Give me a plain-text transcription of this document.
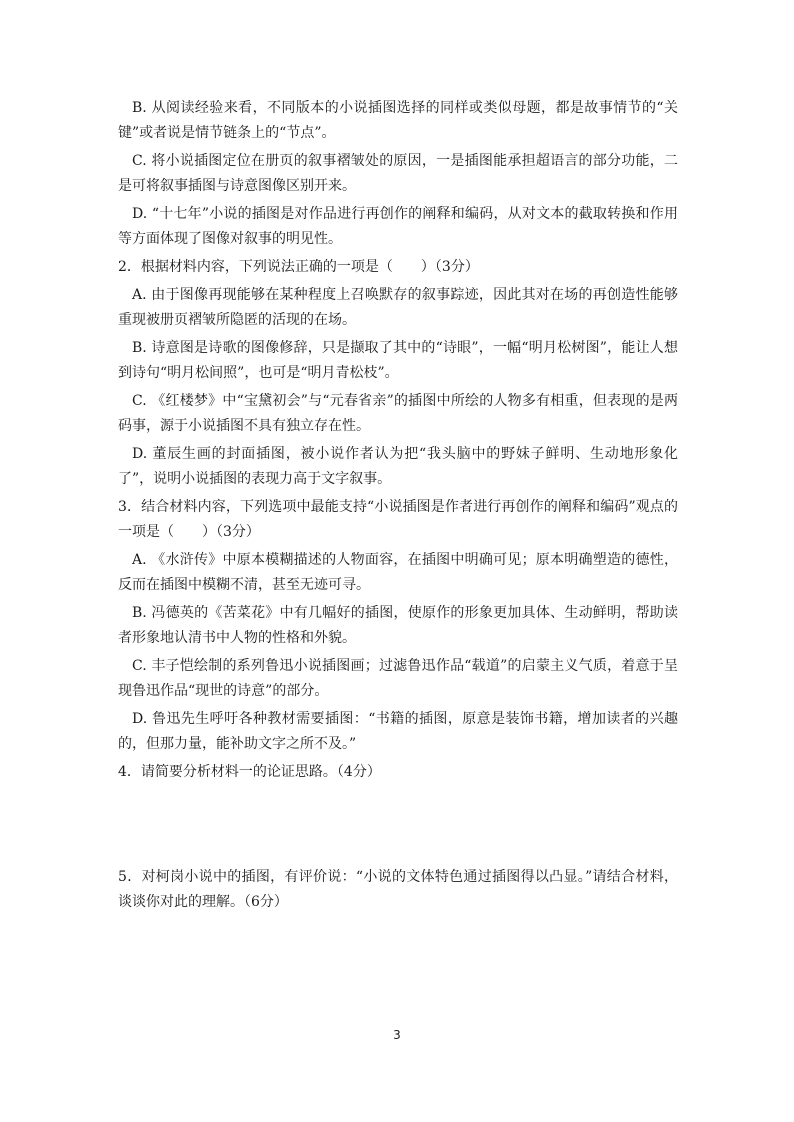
B. 从阅读经验来看，不同版本的小说插图选择的同样或类似母题，都是故事情节的“关键”或者说是情节链条上的“节点”。

C. 将小说插图定位在册页的叙事褶皱处的原因，一是插图能承担超语言的部分功能，二是可将叙事插图与诗意图像区别开来。

D. “十七年”小说的插图是对作品进行再创作的阐释和编码，从对文本的截取转换和作用等方面体现了图像对叙事的明见性。

2．根据材料内容，下列说法正确的一项是（　　）（3分）

A. 由于图像再现能够在某种程度上召唤默存的叙事踪迹，因此其对在场的再创造性能够重现被册页褶皱所隐匿的活现的在场。

B. 诗意图是诗歌的图像修辞，只是撷取了其中的“诗眼”，一幅“明月松树图”，能让人想到诗句“明月松间照”，也可是“明月青松枝”。

C. 《红楼梦》中“宝黛初会”与“元春省亲”的插图中所绘的人物多有相重，但表现的是两码事，源于小说插图不具有独立存在性。

D. 董辰生画的封面插图，被小说作者认为把“我头脑中的野妹子鲜明、生动地形象化了”，说明小说插图的表现力高于文字叙事。

3．结合材料内容，下列选项中最能支持“小说插图是作者进行再创作的阐释和编码”观点的一项是（　　）（3分）

A. 《水浒传》中原本模糊描述的人物面容，在插图中明确可见；原本明确塑造的德性，反而在插图中模糊不清，甚至无迹可寻。

B. 冯德英的《苦菜花》中有几幅好的插图，使原作的形象更加具体、生动鲜明，帮助读者形象地认清书中人物的性格和外貌。

C. 丰子恺绘制的系列鲁迅小说插图画；过滤鲁迅作品“载道”的启蒙主义气质，着意于呈现鲁迅作品“现世的诗意”的部分。

D. 鲁迅先生呼吁各种教材需要插图：“书籍的插图，原意是装饰书籍，增加读者的兴趣的，但那力量，能补助文字之所不及。”

4．请简要分析材料一的论证思路。（4分）

5．对柯岗小说中的插图，有评价说：“小说的文体特色通过插图得以凸显。”请结合材料，谈谈你对此的理解。（6分）

3
